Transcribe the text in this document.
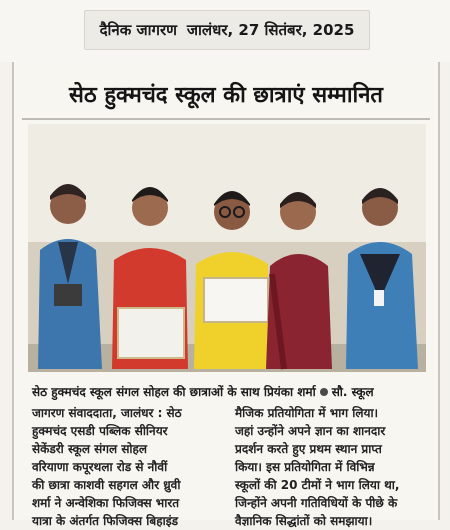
दैनिक जागरण जालंधर, 27 सितंबर, 2025
सेठ हुक्मचंद स्कूल की छात्राएं सम्मानित
सेठ हुक्मचंद स्कूल संगल सोहल की छात्राओं के साथ प्रियंका शर्मा सौ. स्कूल

जागरण संवाददाता, जालंधर : सेठ

हुक्मचंद एसडी पब्लिक सीनियर

सेकेंडरी स्कूल संगल सोहल

वरियाणा कपूरथला रोड से नौवीं

की छात्रा काशवी सहगल और ध्रुवी

शर्मा ने अन्वेशिका फिजिक्स भारत

यात्रा के अंतर्गत फिजिक्स बिहाइंड

मैजिक प्रतियोगिता में भाग लिया।

जहां उन्होंने अपने ज्ञान का शानदार

प्रदर्शन करते हुए प्रथम स्थान प्राप्त

किया। इस प्रतियोगिता में विभिन्न

स्कूलों की 20 टीमों ने भाग लिया था,

जिन्होंने अपनी गतिविधियों के पीछे के

वैज्ञानिक सिद्धांतों को समझाया।
